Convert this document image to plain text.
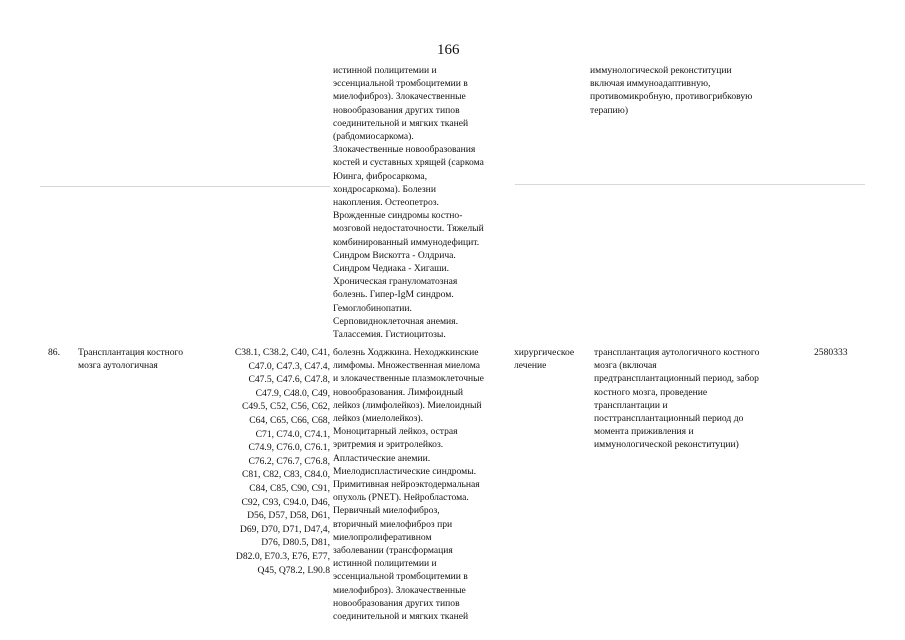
166
истинной полицитемии и
эссенциальной тромбоцитемии в
миелофиброз). Злокачественные
новообразования других типов
соединительной и мягких тканей
(рабдомиосаркома).
Злокачественные новообразования
костей и суставных хрящей (саркома
Юинга, фибросаркома,
хондросаркома). Болезни
накопления. Остеопетроз.
Врожденные синдромы костно-
мозговой недостаточности. Тяжелый
комбинированный иммунодефицит.
Синдром Вискотта - Олдрича.
Синдром Чедиака - Хигаши.
Хроническая грануломатозная
болезнь. Гипер-IgM синдром.
Гемоглобинопатии.
Серповидноклеточная анемия.
Талассемия. Гистиоцитозы.
иммунологической реконституции
включая иммуноадаптивную,
противомикробную, противогрибковую
терапию)
86.	Трансплантация костного
мозга аутологичная
C38.1, C38.2, C40, C41,
C47.0, C47.3, C47.4,
C47.5, C47.6, C47.8,
C47.9, C48.0, C49,
C49.5, C52, C56, C62,
C64, C65, C66, C68,
C71, C74.0, C74.1,
C74.9, C76.0, C76.1,
C76.2, C76.7, C76.8,
C81, C82, C83, C84.0,
C84, C85, C90, C91,
C92, C93, C94.0, D46,
D56, D57, D58, D61,
D69, D70, D71, D47,4,
D76, D80.5, D81,
D82.0, E70.3, E76, E77,
Q45, Q78.2, L90.8
болезнь Ходжкина. Неходжкинские
лимфомы. Множественная миелома
и злокачественные плазмоклеточные
новообразования. Лимфоидный
лейкоз (лимфолейкоз). Миелоидный
лейкоз (миелолейкоз).
Моноцитарный лейкоз, острая
эритремия и эритролейкоз.
Апластические анемии.
Миелодиспластические синдромы.
Примитивная нейроэктодермальная
опухоль (PNET). Нейробластома.
Первичный миелофиброз,
вторичный миелофиброз при
миелопролиферативном
заболевании (трансформация
истинной полицитемии и
эссенциальной тромбоцитемии в
миелофиброз). Злокачественные
новообразования других типов
соединительной и мягких тканей
хирургическое
лечение
трансплантация аутологичного костного
мозга (включая
предтрансплантационный период, забор
костного мозга, проведение
трансплантации и
посттрансплантационный период до
момента приживления и
иммунологической реконституции)
2580333
